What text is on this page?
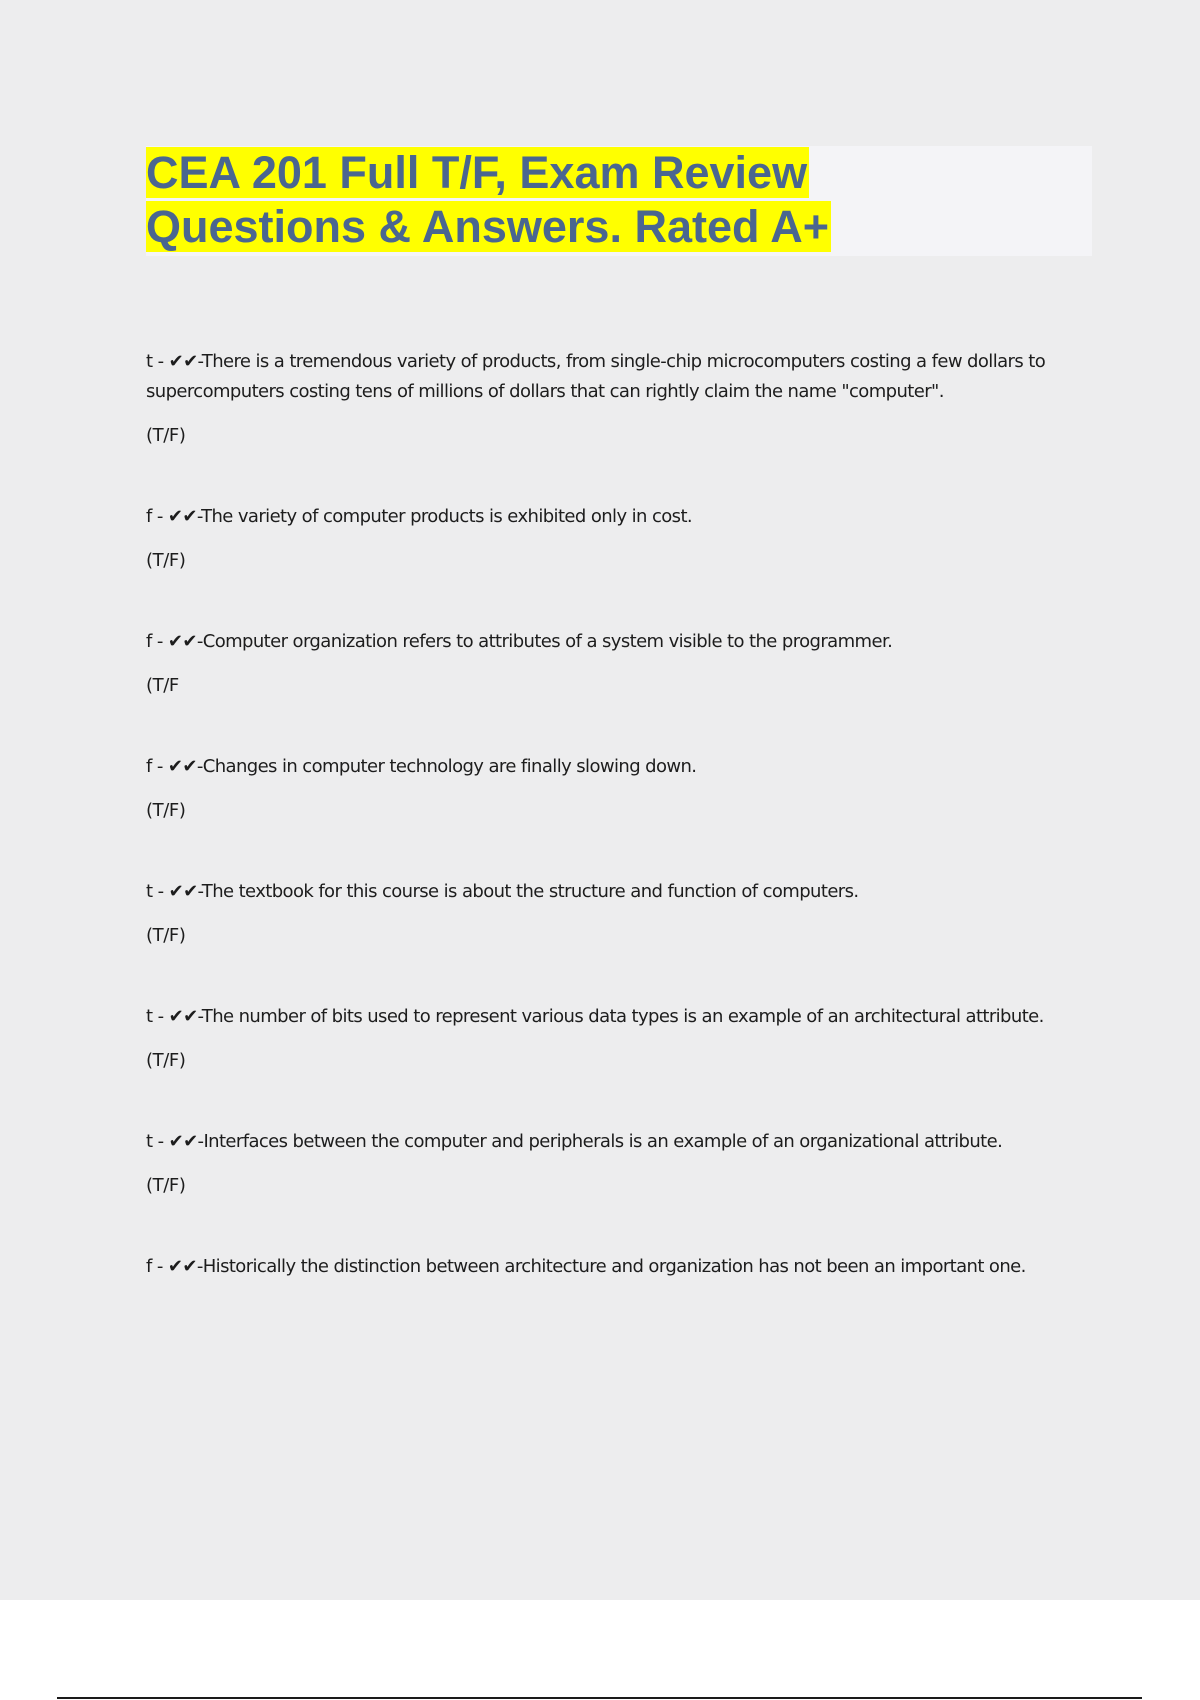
CEA 201 Full T/F, Exam Review
Questions & Answers. Rated A+

t - ✔✔-There is a tremendous variety of products, from single-chip microcomputers costing a few dollars to supercomputers costing tens of millions of dollars that can rightly claim the name "computer".

(T/F)

f - ✔✔-The variety of computer products is exhibited only in cost.

(T/F)

f - ✔✔-Computer organization refers to attributes of a system visible to the programmer.

(T/F

f - ✔✔-Changes in computer technology are finally slowing down.

(T/F)

t - ✔✔-The textbook for this course is about the structure and function of computers.

(T/F)

t - ✔✔-The number of bits used to represent various data types is an example of an architectural attribute.

(T/F)

t - ✔✔-Interfaces between the computer and peripherals is an example of an organizational attribute.

(T/F)

f - ✔✔-Historically the distinction between architecture and organization has not been an important one.
